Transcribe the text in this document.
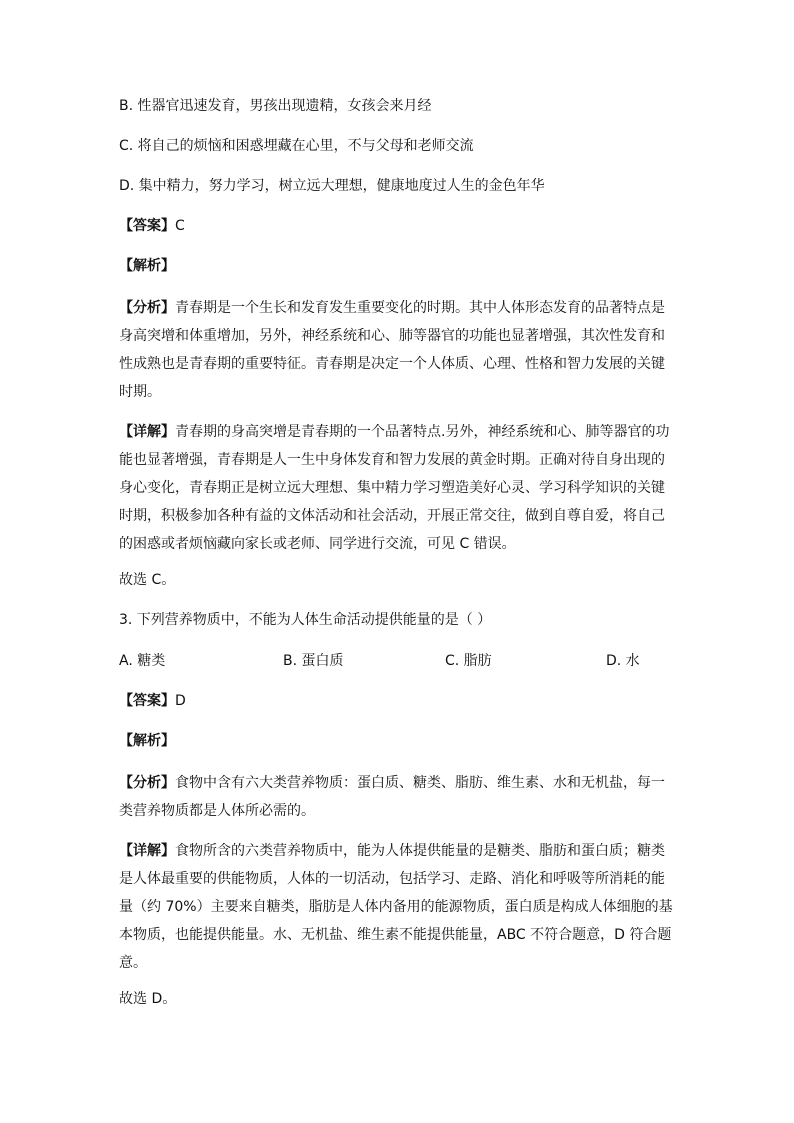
B. 性器官迅速发育，男孩出现遗精，女孩会来月经
C. 将自己的烦恼和困惑埋藏在心里，不与父母和老师交流
D. 集中精力，努力学习，树立远大理想，健康地度过人生的金色年华
【答案】C
【解析】

【分析】青春期是一个生长和发育发生重要变化的时期。其中人体形态发育的品著特点是

身高突增和体重增加，另外，神经系统和心、肺等器官的功能也显著增强，其次性发育和

性成熟也是青春期的重要特征。青春期是决定一个人体质、心理、性格和智力发展的关键

时期。

【详解】青春期的身高突增是青春期的一个品著特点.另外，神经系统和心、肺等器官的功

能也显著增强，青春期是人一生中身体发育和智力发展的黄金时期。正确对待自身出现的

身心变化，青春期正是树立远大理想、集中精力学习塑造美好心灵、学习科学知识的关键

时期，积极参加各种有益的文体活动和社会活动，开展正常交往，做到自尊自爱，将自己

的困惑或者烦恼藏向家长或老师、同学进行交流，可见 C 错误。

故选 C。
3. 下列营养物质中，不能为人体生命活动提供能量的是（ ）
A. 糖类	B. 蛋白质	C. 脂肪	D. 水
【答案】D
【解析】

【分析】食物中含有六大类营养物质：蛋白质、糖类、脂肪、维生素、水和无机盐，每一

类营养物质都是人体所必需的。

【详解】食物所含的六类营养物质中，能为人体提供能量的是糖类、脂肪和蛋白质；糖类

是人体最重要的供能物质，人体的一切活动，包括学习、走路、消化和呼吸等所消耗的能

量（约 70%）主要来自糖类，脂肪是人体内备用的能源物质，蛋白质是构成人体细胞的基

本物质，也能提供能量。水、无机盐、维生素不能提供能量，ABC 不符合题意，D 符合题

意。

故选 D。
